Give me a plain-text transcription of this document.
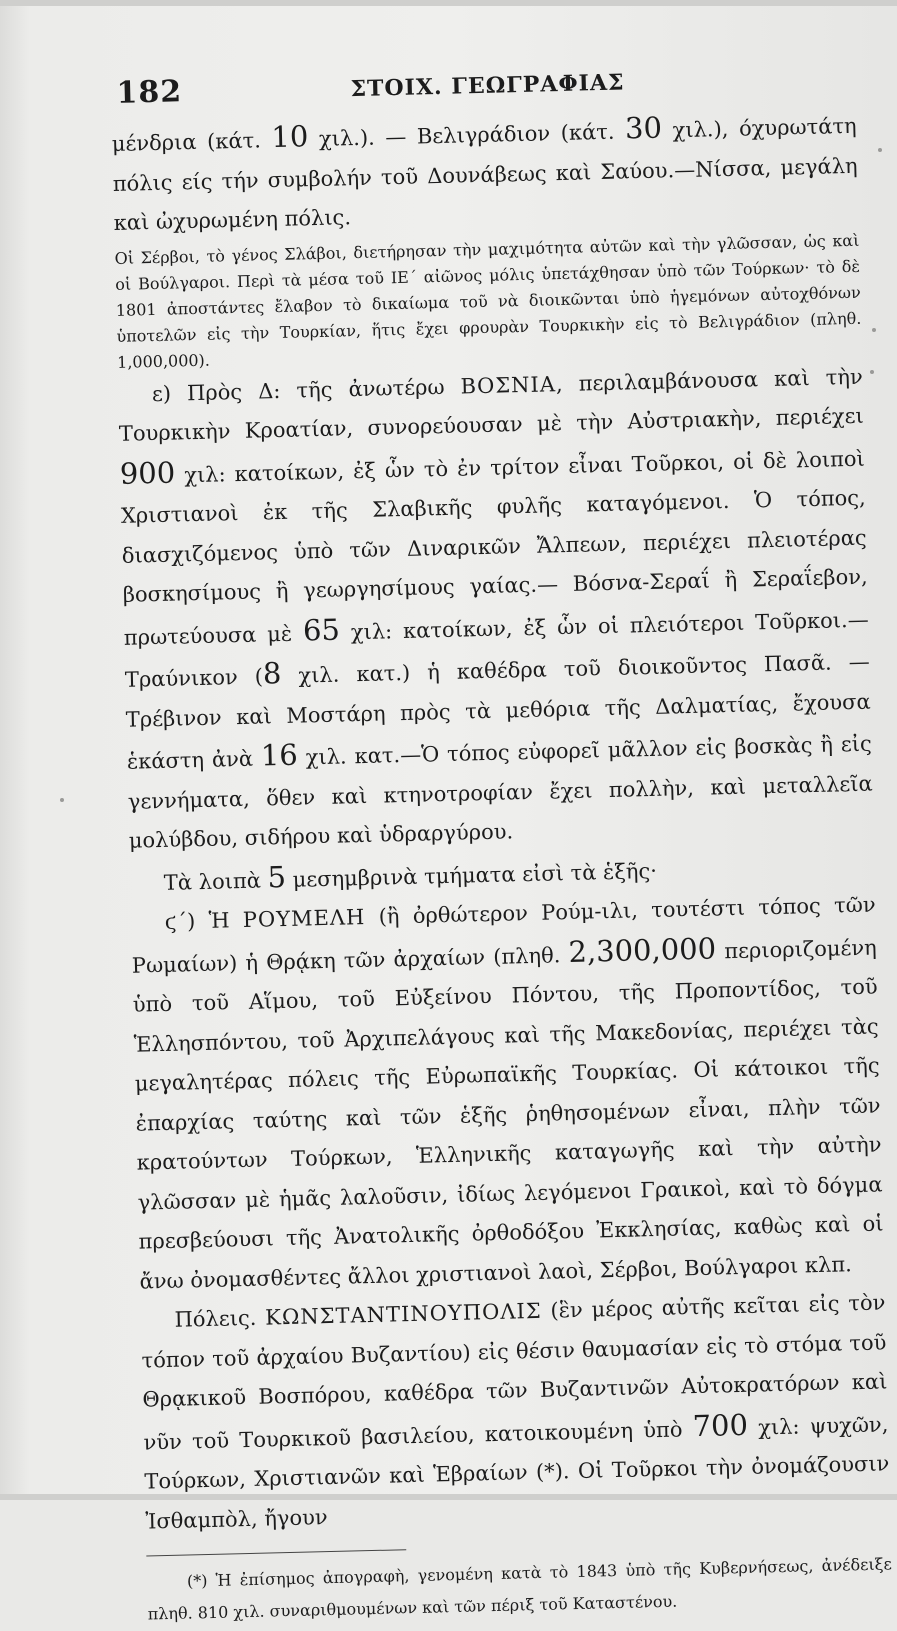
182	ΣΤΟΙΧ. ΓΕΩΓΡΑΦΙΑΣ

μένδρια (κάτ. 10 χιλ.). — Βελιγράδιον (κάτ. 30 χιλ.), όχυρωτάτη πόλις είς τήν συμβολήν τοῦ Δουνάβεως καὶ Σαύου.—Νίσσα, μεγάλη καὶ ὠχυρωμένη πόλις.

Οἱ Σέρβοι, τὸ γένος Σλάβοι, διετήρησαν τὴν μαχιμότητα αὐτῶν καὶ τὴν γλῶσσαν, ὡς καὶ οἱ Βούλγαροι. Περὶ τὰ μέσα τοῦ ΙΕ΄ αἰῶνος μόλις ὑπετάχθησαν ὑπὸ τῶν Τούρκων· τὸ δὲ 1801 ἀποστάντες ἔλαβον τὸ δικαίωμα τοῦ νὰ διοικῶνται ὑπὸ ἡγεμόνων αὐτοχθόνων ὑποτελῶν εἰς τὴν Τουρκίαν, ἥτις ἔχει φρουρὰν Τουρκικὴν εἰς τὸ Βελιγράδιον (πληθ. 1,000,000).

ε) Πρὸς Δ: τῆς ἀνωτέρω ΒΟΣΝΙΑ, περιλαμβάνουσα καὶ τὴν Τουρκικὴν Κροατίαν, συνορεύουσαν μὲ τὴν Αὐστριακὴν, περιέχει 900 χιλ: κατοίκων, ἐξ ὧν τὸ ἐν τρίτον εἶναι Τοῦρκοι, οἱ δὲ λοιποὶ Χριστιανοὶ ἐκ τῆς Σλαβικῆς φυλῆς καταγόμενοι. Ὁ τόπος, διασχιζόμενος ὑπὸ τῶν Διναρικῶν Ἄλπεων, περιέχει πλειοτέρας βοσκησίμους ἢ γεωργησίμους γαίας.— Βόσνα-Σεραΐ ἢ Σεραΐεβον, πρωτεύουσα μὲ 65 χιλ: κατοίκων, ἐξ ὧν οἱ πλειότεροι Τοῦρκοι.—Τραύνικον (8 χιλ. κατ.) ἡ καθέδρα τοῦ διοικοῦντος Πασᾶ. — Τρέβινον καὶ Μοστάρη πρὸς τὰ μεθόρια τῆς Δαλματίας, ἔχουσα ἑκάστη ἀνὰ 16 χιλ. κατ.—Ὁ τόπος εὐφορεῖ μᾶλλον εἰς βοσκὰς ἢ εἰς γεννήματα, ὅθεν καὶ κτηνοτροφίαν ἔχει πολλὴν, καὶ μεταλλεῖα μολύβδου, σιδήρου καὶ ὑδραργύρου.

Τὰ λοιπὰ 5 μεσημβρινὰ τμήματα εἰσὶ τὰ ἑξῆς·

ϛ΄) Ἡ ΡΟΥΜΕΛΗ (ἢ ὀρθώτερον Ρούμ-ιλι, τουτέστι τόπος τῶν Ρωμαίων) ἡ Θρᾴκη τῶν ἀρχαίων (πληθ. 2,300,000 περιοριζομένη ὑπὸ τοῦ Αἵμου, τοῦ Εὐξείνου Πόντου, τῆς Προποντίδος, τοῦ Ἑλλησπόντου, τοῦ Ἀρχιπελάγους καὶ τῆς Μακεδονίας, περιέχει τὰς μεγαλητέρας πόλεις τῆς Εὐρωπαϊκῆς Τουρκίας. Οἱ κάτοικοι τῆς ἐπαρχίας ταύτης καὶ τῶν ἑξῆς ῥηθησομένων εἶναι, πλὴν τῶν κρατούντων Τούρκων, Ἑλληνικῆς καταγωγῆς καὶ τὴν αὐτὴν γλῶσσαν μὲ ἡμᾶς λαλοῦσιν, ἰδίως λεγόμενοι Γραικοὶ, καὶ τὸ δόγμα πρεσβεύουσι τῆς Ἀνατολικῆς ὀρθοδόξου Ἐκκλησίας, καθὼς καὶ οἱ ἄνω ὀνομασθέντες ἄλλοι χριστιανοὶ λαοὶ, Σέρβοι, Βούλγαροι κλπ.

Πόλεις. ΚΩΝΣΤΑΝΤΙΝΟΥΠΟΛΙΣ (ἓν μέρος αὐτῆς κεῖται εἰς τὸν τόπον τοῦ ἀρχαίου Βυζαντίου) εἰς θέσιν θαυμασίαν εἰς τὸ στόμα τοῦ Θρᾳκικοῦ Βοσπόρου, καθέδρα τῶν Βυζαντινῶν Αὐτοκρατόρων καὶ νῦν τοῦ Τουρκικοῦ βασιλείου, κατοικουμένη ὑπὸ 700 χιλ: ψυχῶν, Τούρκων, Χριστιανῶν καὶ Ἑβραίων (*). Οἱ Τοῦρκοι τὴν ὀνομάζουσιν Ἰσθαμπὸλ, ἤγουν

(*) Ἡ ἐπίσημος ἀπογραφὴ, γενομένη κατὰ τὸ 1843 ὑπὸ τῆς Κυβερνήσεως, ἀνέδειξε πληθ. 810 χιλ. συναριθμουμένων καὶ τῶν πέριξ τοῦ Καταστένου.
